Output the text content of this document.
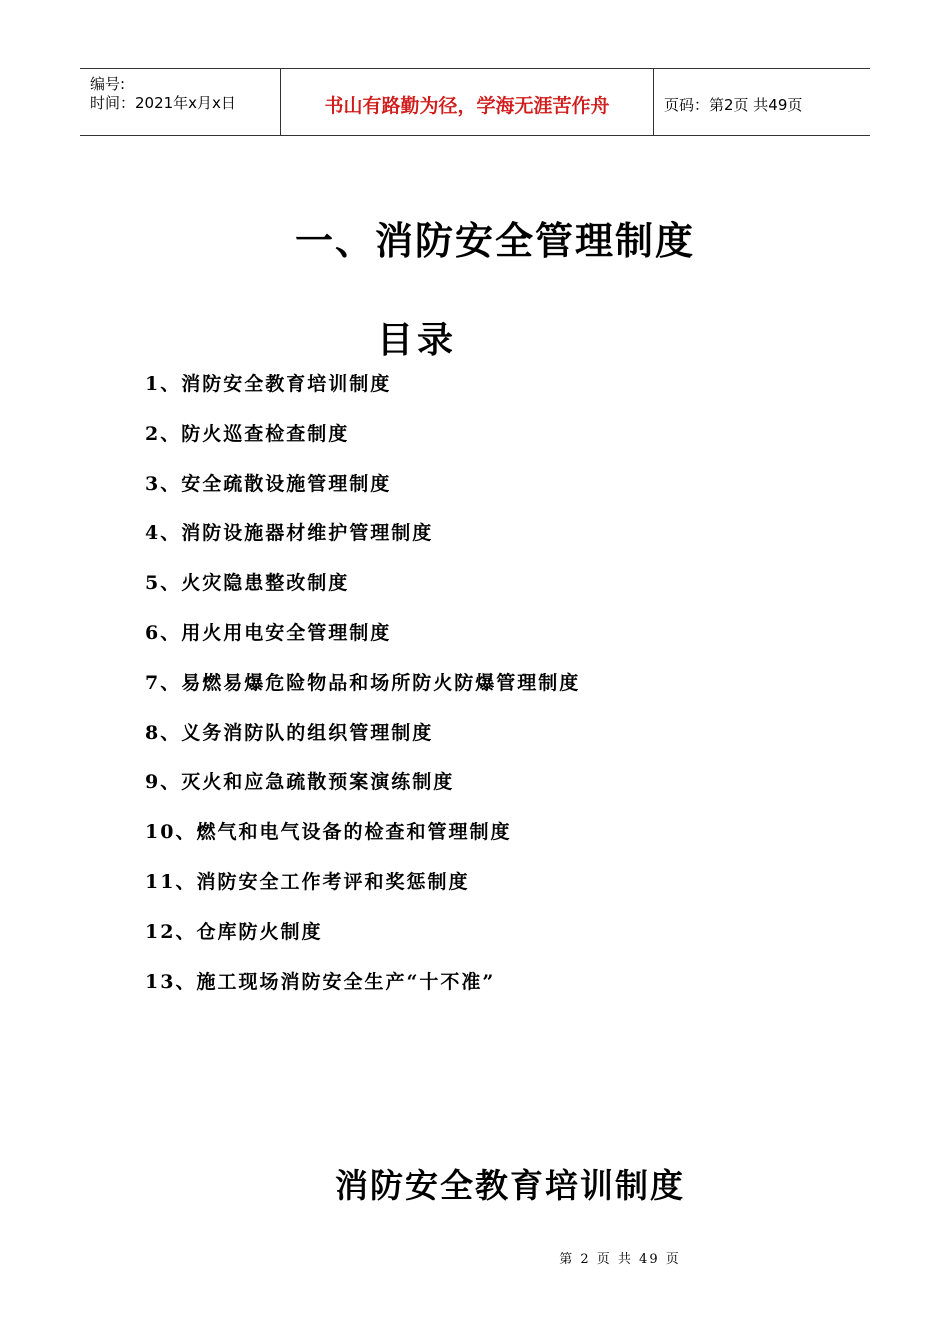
编号:
时间：2021年x月x日	书山有路勤为径，学海无涯苦作舟	页码：第2页 共49页
一、消防安全管理制度
目录
1、消防安全教育培训制度
2、防火巡查检查制度
3、安全疏散设施管理制度
4、消防设施器材维护管理制度
5、火灾隐患整改制度
6、用火用电安全管理制度
7、易燃易爆危险物品和场所防火防爆管理制度
8、义务消防队的组织管理制度
9、灭火和应急疏散预案演练制度
10、燃气和电气设备的检查和管理制度
11、消防安全工作考评和奖惩制度
12、仓库防火制度
13、施工现场消防安全生产“十不准”
消防安全教育培训制度
第 2 页 共 49 页
